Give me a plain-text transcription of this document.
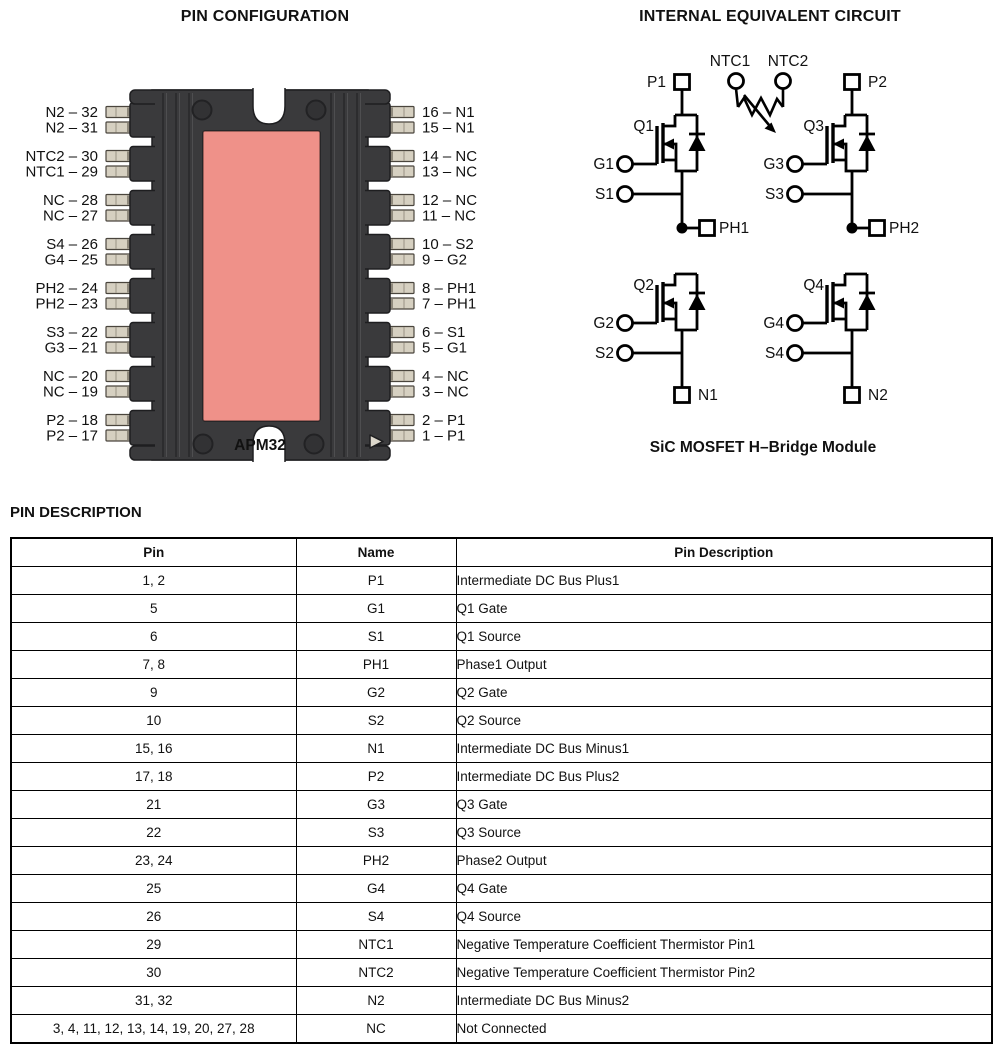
PIN CONFIGURATION	INTERNAL EQUIVALENT CIRCUIT
N2 – 32	16 – N1
N2 – 31	15 – N1
NTC2 – 30	14 – NC
NTC1 – 29	13 – NC
NC – 28	12 – NC
NC – 27	11 – NC
S4 – 26	10 – S2
G4 – 25	9 – G2
PH2 – 24	8 – PH1
PH2 – 23	7 – PH1
S3 – 22	6 – S1
G3 – 21	5 – G1
NC – 20	4 – NC
NC – 19	3 – NC
P2 – 18	2 – P1
P2 – 17	1 – P1
APM32
P1
Q1
G1
S1
PH1
Q2
G2
S2
N1
P2
Q3
G3
S3
PH2
Q4
G4
S4
N2
NTC1 NTC2
SiC MOSFET H–Bridge Module
PIN DESCRIPTION
Pin	Name	Pin Description
1, 2	P1	Intermediate DC Bus Plus1
5	G1	Q1 Gate
6	S1	Q1 Source
7, 8	PH1	Phase1 Output
9	G2	Q2 Gate
10	S2	Q2 Source
15, 16	N1	Intermediate DC Bus Minus1
17, 18	P2	Intermediate DC Bus Plus2
21	G3	Q3 Gate
22	S3	Q3 Source
23, 24	PH2	Phase2 Output
25	G4	Q4 Gate
26	S4	Q4 Source
29	NTC1	Negative Temperature Coefficient Thermistor Pin1
30	NTC2	Negative Temperature Coefficient Thermistor Pin2
31, 32	N2	Intermediate DC Bus Minus2
3, 4, 11, 12, 13, 14, 19, 20, 27, 28	NC	Not Connected
